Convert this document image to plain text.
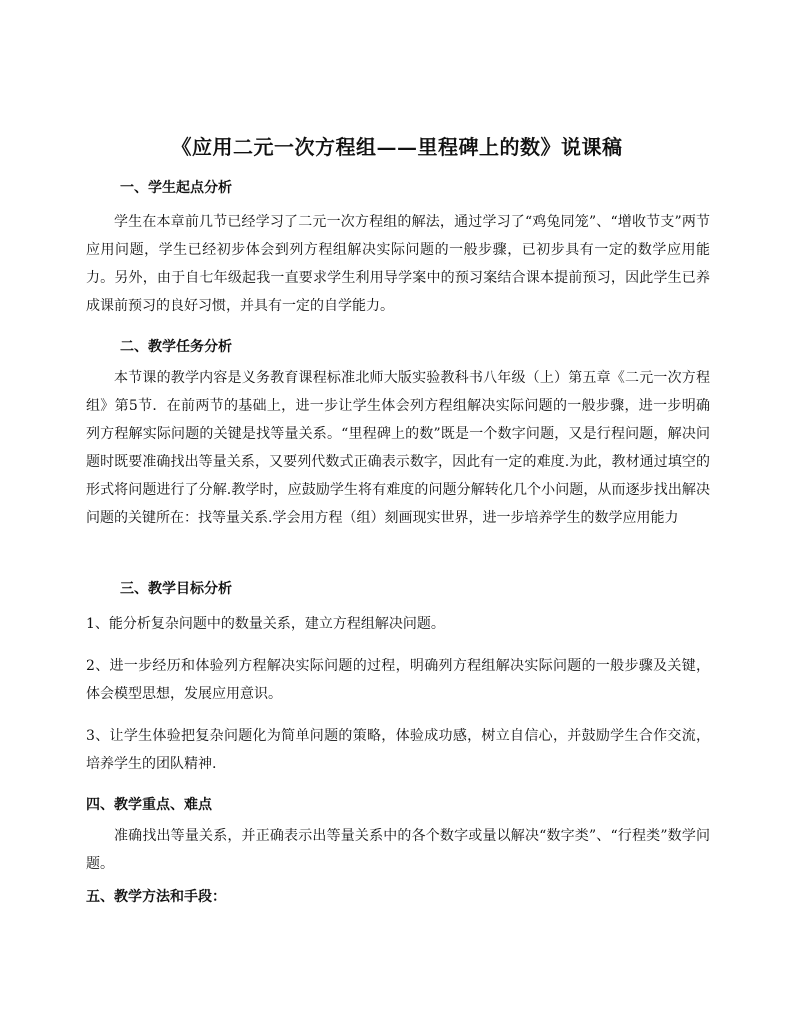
《应用二元一次方程组——里程碑上的数》说课稿
一、学生起点分析

学生在本章前几节已经学习了二元一次方程组的解法，通过学习了“鸡兔同笼”、“增收节支”两节应用问题，学生已经初步体会到列方程组解决实际问题的一般步骤，已初步具有一定的数学应用能力。另外，由于自七年级起我一直要求学生利用导学案中的预习案结合课本提前预习，因此学生已养成课前预习的良好习惯，并具有一定的自学能力。

二、教学任务分析

本节课的教学内容是义务教育课程标准北师大版实验教科书八年级（上）第五章《二元一次方程组》第5节．在前两节的基础上，进一步让学生体会列方程组解决实际问题的一般步骤，进一步明确列方程解实际问题的关键是找等量关系。“里程碑上的数”既是一个数字问题，又是行程问题，解决问题时既要准确找出等量关系，又要列代数式正确表示数字，因此有一定的难度.为此，教材通过填空的形式将问题进行了分解.教学时，应鼓励学生将有难度的问题分解转化几个小问题，从而逐步找出解决问题的关键所在：找等量关系.学会用方程（组）刻画现实世界，进一步培养学生的数学应用能力

三、教学目标分析

1、能分析复杂问题中的数量关系，建立方程组解决问题。

2、进一步经历和体验列方程解决实际问题的过程，明确列方程组解决实际问题的一般步骤及关键，体会模型思想，发展应用意识。

3、让学生体验把复杂问题化为简单问题的策略，体验成功感，树立自信心，并鼓励学生合作交流，培养学生的团队精神.

四、教学重点、难点

准确找出等量关系，并正确表示出等量关系中的各个数字或量以解决“数字类”、“行程类”数学问题。

五、教学方法和手段：
